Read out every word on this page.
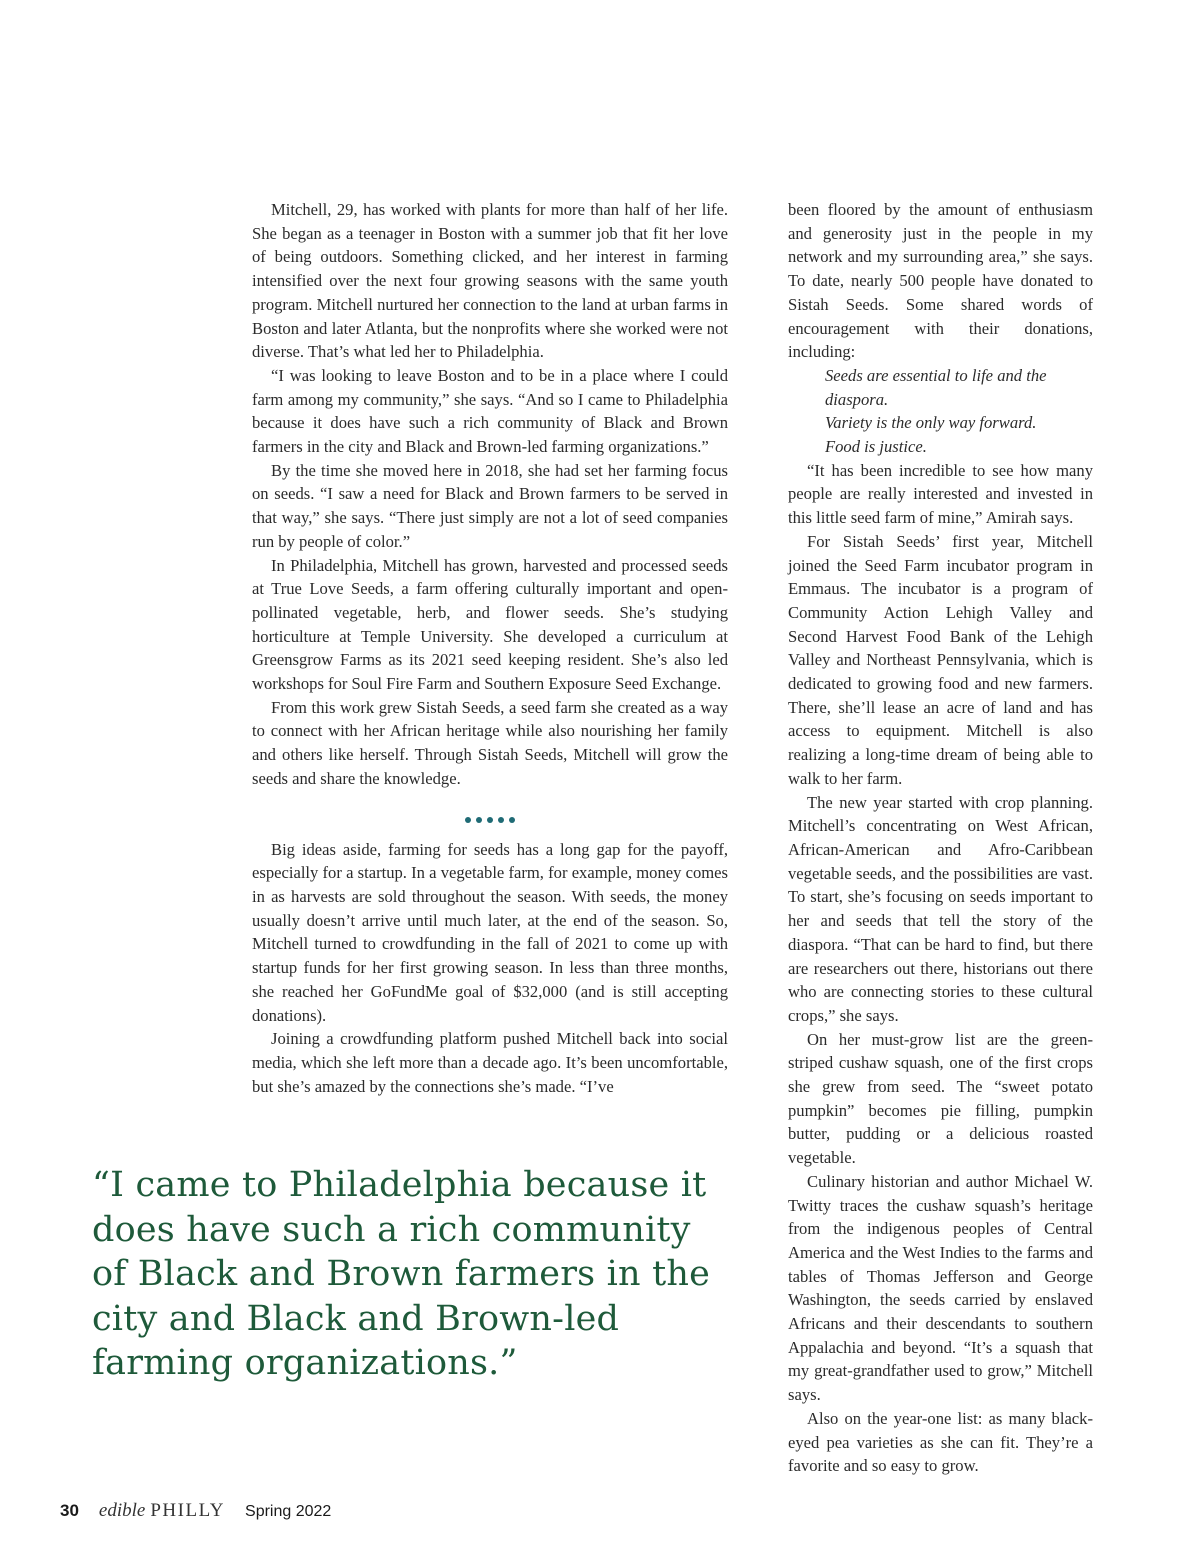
Mitchell, 29, has worked with plants for more than half of her life. She began as a teenager in Boston with a summer job that fit her love of being outdoors. Something clicked, and her interest in farming intensified over the next four growing seasons with the same youth program. Mitchell nurtured her connection to the land at urban farms in Boston and later Atlanta, but the nonprofits where she worked were not diverse. That’s what led her to Philadelphia.

“I was looking to leave Boston and to be in a place where I could farm among my community,” she says. “And so I came to Philadelphia because it does have such a rich community of Black and Brown farmers in the city and Black and Brown-led farming organizations.”

By the time she moved here in 2018, she had set her farming focus on seeds. “I saw a need for Black and Brown farmers to be served in that way,” she says. “There just simply are not a lot of seed companies run by people of color.”

In Philadelphia, Mitchell has grown, harvested and processed seeds at True Love Seeds, a farm offering culturally important and open-pollinated vegetable, herb, and flower seeds. She’s studying horticulture at Temple University. She developed a curriculum at Greensgrow Farms as its 2021 seed keeping resident. She’s also led workshops for Soul Fire Farm and Southern Exposure Seed Exchange.

From this work grew Sistah Seeds, a seed farm she created as a way to connect with her African heritage while also nourishing her family and others like herself. Through Sistah Seeds, Mitchell will grow the seeds and share the knowledge.

Big ideas aside, farming for seeds has a long gap for the payoff, especially for a startup. In a vegetable farm, for example, money comes in as harvests are sold throughout the season. With seeds, the money usually doesn’t arrive until much later, at the end of the season. So, Mitchell turned to crowdfunding in the fall of 2021 to come up with startup funds for her first growing season. In less than three months, she reached her GoFundMe goal of $32,000 (and is still accepting donations).

Joining a crowdfunding platform pushed Mitchell back into social media, which she left more than a decade ago. It’s been uncomfortable, but she’s amazed by the connections she’s made. “I’ve

been floored by the amount of enthusiasm and generosity just in the people in my network and my surrounding area,” she says. To date, nearly 500 people have donated to Sistah Seeds. Some shared words of encouragement with their donations, including:

Seeds are essential to life and the diaspora.
Variety is the only way forward.
Food is justice.

“It has been incredible to see how many people are really interested and invested in this little seed farm of mine,” Amirah says.

For Sistah Seeds’ first year, Mitchell joined the Seed Farm incubator program in Emmaus. The incubator is a program of Community Action Lehigh Valley and Second Harvest Food Bank of the Lehigh Valley and Northeast Pennsylvania, which is dedicated to growing food and new farmers. There, she’ll lease an acre of land and has access to equipment. Mitchell is also realizing a long-time dream of being able to walk to her farm.

The new year started with crop planning. Mitchell’s concentrating on West African, African-American and Afro-Caribbean vegetable seeds, and the possibilities are vast. To start, she’s focusing on seeds important to her and seeds that tell the story of the diaspora. “That can be hard to find, but there are researchers out there, historians out there who are connecting stories to these cultural crops,” she says.

On her must-grow list are the green-striped cushaw squash, one of the first crops she grew from seed. The “sweet potato pumpkin” becomes pie filling, pumpkin butter, pudding or a delicious roasted vegetable.

Culinary historian and author Michael W. Twitty traces the cushaw squash’s heritage from the indigenous peoples of Central America and the West Indies to the farms and tables of Thomas Jefferson and George Washington, the seeds carried by enslaved Africans and their descendants to southern Appalachia and beyond. “It’s a squash that my great-grandfather used to grow,” Mitchell says.

Also on the year-one list: as many black-eyed pea varieties as she can fit. They’re a favorite and so easy to grow.

“I came to Philadelphia because it does have such a rich community of Black and Brown farmers in the city and Black and Brown-led farming organizations.”
30 edible PHILLY Spring 2022
